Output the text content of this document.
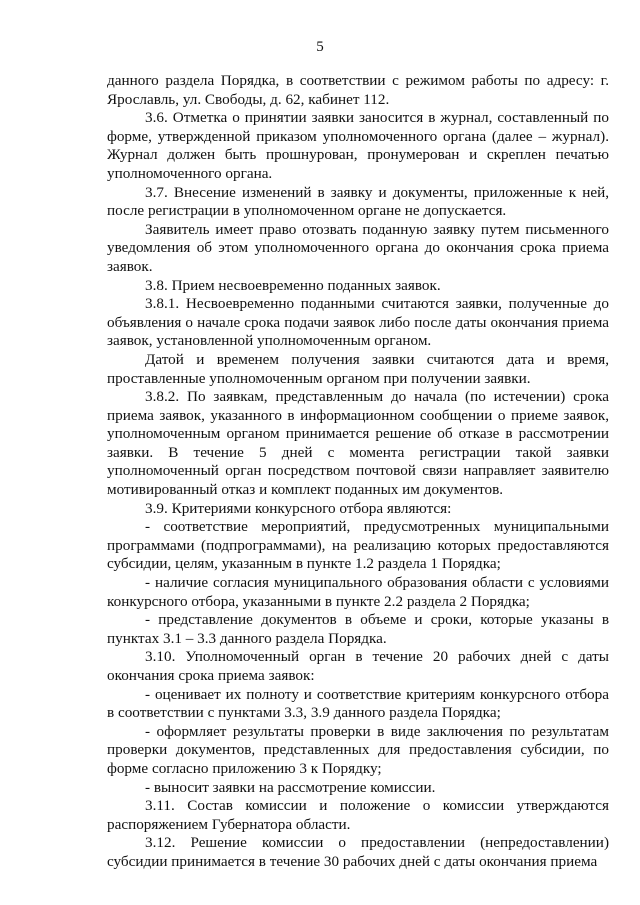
5

данного раздела Порядка, в соответствии с режимом работы по адресу: г. Ярославль, ул. Свободы, д. 62, кабинет 112.

3.6. Отметка о принятии заявки заносится в журнал, составленный по форме, утвержденной приказом уполномоченного органа (далее – журнал). Журнал должен быть прошнурован, пронумерован и скреплен печатью уполномоченного органа.

3.7. Внесение изменений в заявку и документы, приложенные к ней, после регистрации в уполномоченном органе не допускается.

Заявитель имеет право отозвать поданную заявку путем письменного уведомления об этом уполномоченного органа до окончания срока приема заявок.

3.8. Прием несвоевременно поданных заявок.

3.8.1. Несвоевременно поданными считаются заявки, полученные до объявления о начале срока подачи заявок либо после даты окончания приема заявок, установленной уполномоченным органом.

Датой и временем получения заявки считаются дата и время, проставленные уполномоченным органом при получении заявки.

3.8.2. По заявкам, представленным до начала (по истечении) срока приема заявок, указанного в информационном сообщении о приеме заявок, уполномоченным органом принимается решение об отказе в рассмотрении заявки. В течение 5 дней с момента регистрации такой заявки уполномоченный орган посредством почтовой связи направляет заявителю мотивированный отказ и комплект поданных им документов.

3.9. Критериями конкурсного отбора являются:

- соответствие мероприятий, предусмотренных муниципальными программами (подпрограммами), на реализацию которых предоставляются субсидии, целям, указанным в пункте 1.2 раздела 1 Порядка;

- наличие согласия муниципального образования области с условиями конкурсного отбора, указанными в пункте 2.2 раздела 2 Порядка;

- представление документов в объеме и сроки, которые указаны в пунктах 3.1 – 3.3 данного раздела Порядка.

3.10. Уполномоченный орган в течение 20 рабочих дней с даты окончания срока приема заявок:

- оценивает их полноту и соответствие критериям конкурсного отбора в соответствии с пунктами 3.3, 3.9 данного раздела Порядка;

- оформляет результаты проверки в виде заключения по результатам проверки документов, представленных для предоставления субсидии, по форме согласно приложению 3 к Порядку;

- выносит заявки на рассмотрение комиссии.

3.11. Состав комиссии и положение о комиссии утверждаются распоряжением Губернатора области.

3.12. Решение комиссии о предоставлении (непредоставлении) субсидии принимается в течение 30 рабочих дней с даты окончания приема
